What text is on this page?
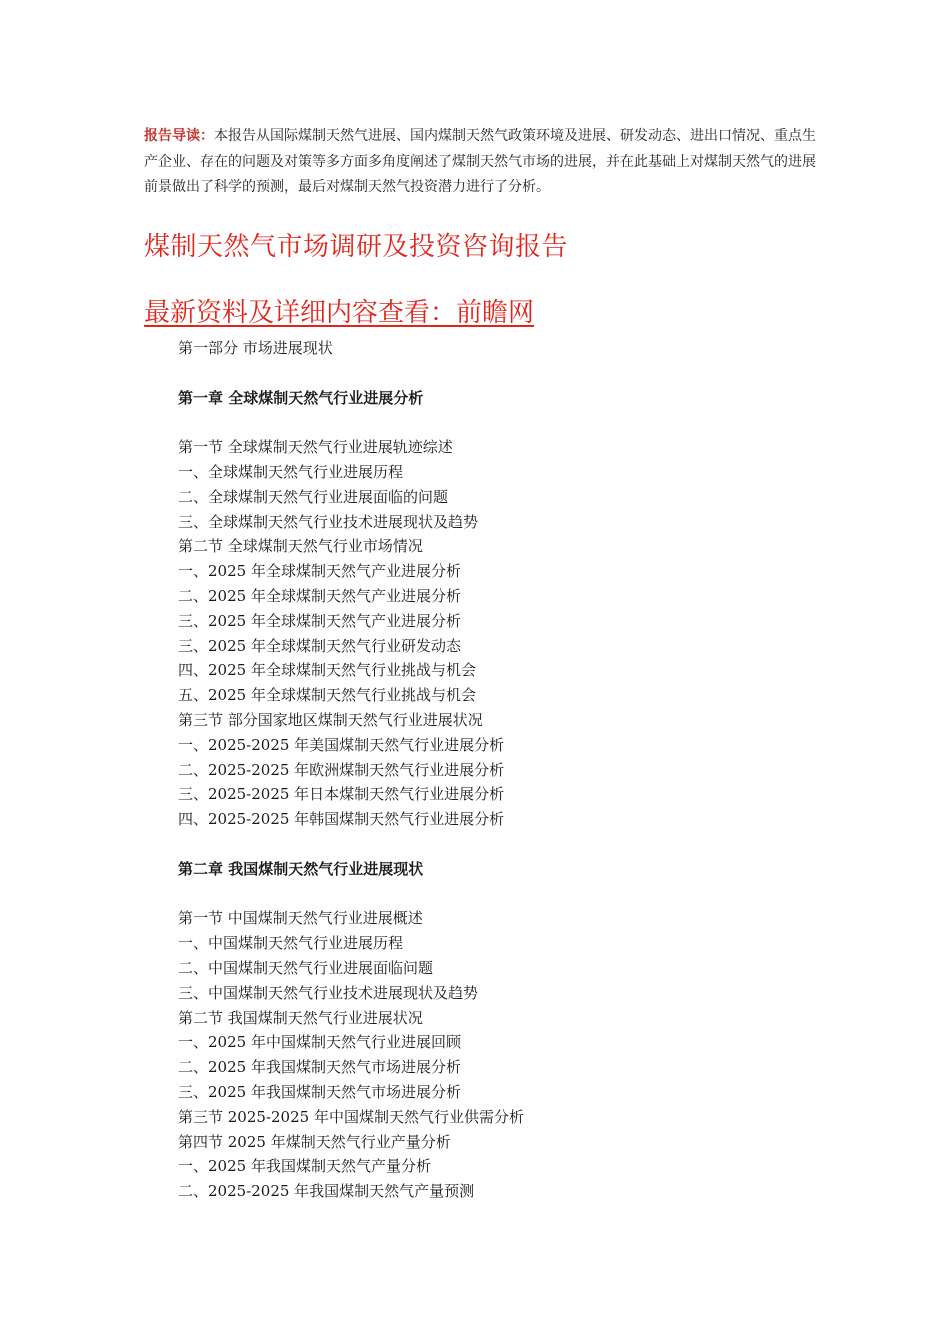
报告导读：本报告从国际煤制天然气进展、国内煤制天然气政策环境及进展、研发动态、进出口情况、重点生产企业、存在的问题及对策等多方面多角度阐述了煤制天然气市场的进展，并在此基础上对煤制天然气的进展前景做出了科学的预测，最后对煤制天然气投资潜力进行了分析。
煤制天然气市场调研及投资咨询报告
最新资料及详细内容查看：前瞻网
第一部分 市场进展现状
第一章 全球煤制天然气行业进展分析
第一节 全球煤制天然气行业进展轨迹综述
一、全球煤制天然气行业进展历程
二、全球煤制天然气行业进展面临的问题
三、全球煤制天然气行业技术进展现状及趋势
第二节 全球煤制天然气行业市场情况
一、2025 年全球煤制天然气产业进展分析
二、2025 年全球煤制天然气产业进展分析
三、2025 年全球煤制天然气产业进展分析
三、2025 年全球煤制天然气行业研发动态
四、2025 年全球煤制天然气行业挑战与机会
五、2025 年全球煤制天然气行业挑战与机会
第三节 部分国家地区煤制天然气行业进展状况
一、2025-2025 年美国煤制天然气行业进展分析
二、2025-2025 年欧洲煤制天然气行业进展分析
三、2025-2025 年日本煤制天然气行业进展分析
四、2025-2025 年韩国煤制天然气行业进展分析
第二章 我国煤制天然气行业进展现状
第一节 中国煤制天然气行业进展概述
一、中国煤制天然气行业进展历程
二、中国煤制天然气行业进展面临问题
三、中国煤制天然气行业技术进展现状及趋势
第二节 我国煤制天然气行业进展状况
一、2025 年中国煤制天然气行业进展回顾
二、2025 年我国煤制天然气市场进展分析
三、2025 年我国煤制天然气市场进展分析
第三节 2025-2025 年中国煤制天然气行业供需分析
第四节 2025 年煤制天然气行业产量分析
一、2025 年我国煤制天然气产量分析
二、2025-2025 年我国煤制天然气产量预测
